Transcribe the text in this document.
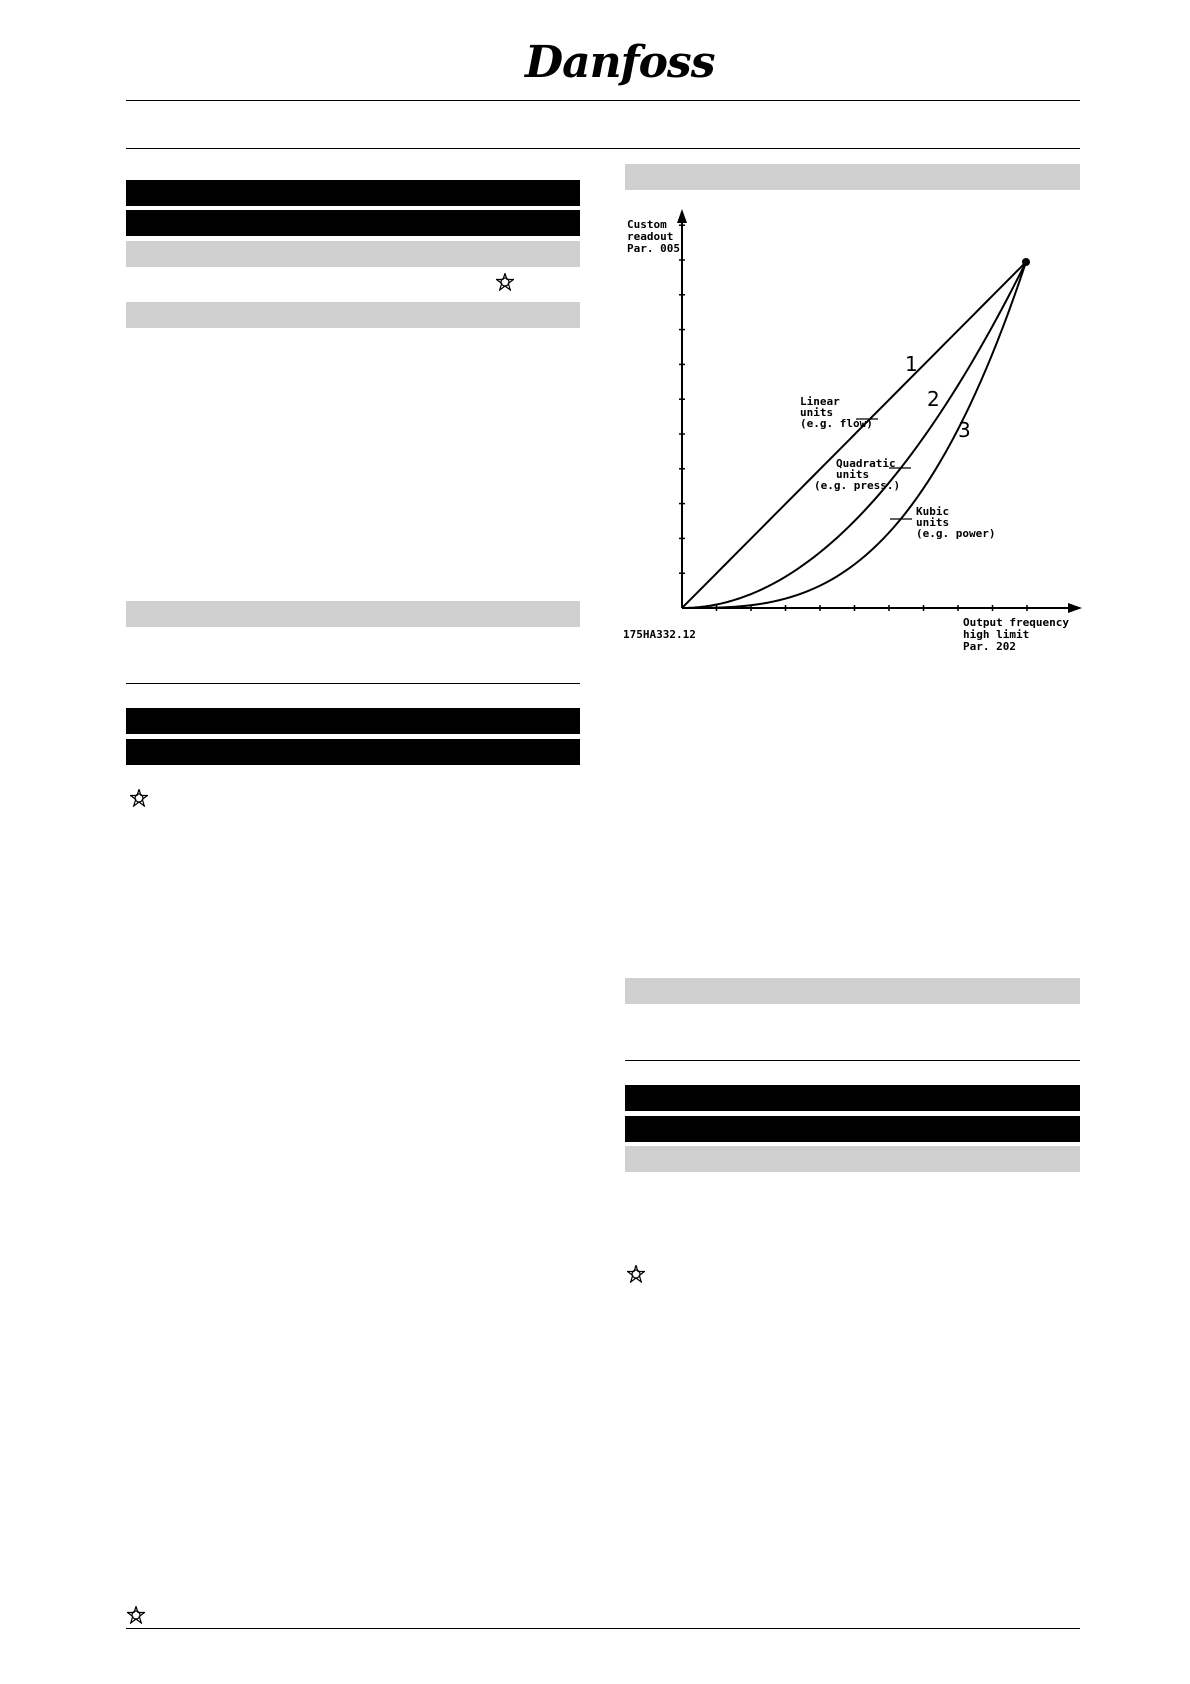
Danfoss
1
2
3
Custom
readout
Par. 005
Linear
units
(e.g. flow)
Quadratic
units
(e.g. press.)
Kubic
units
(e.g. power)
Output frequency
high limit
Par. 202
175HA332.12
